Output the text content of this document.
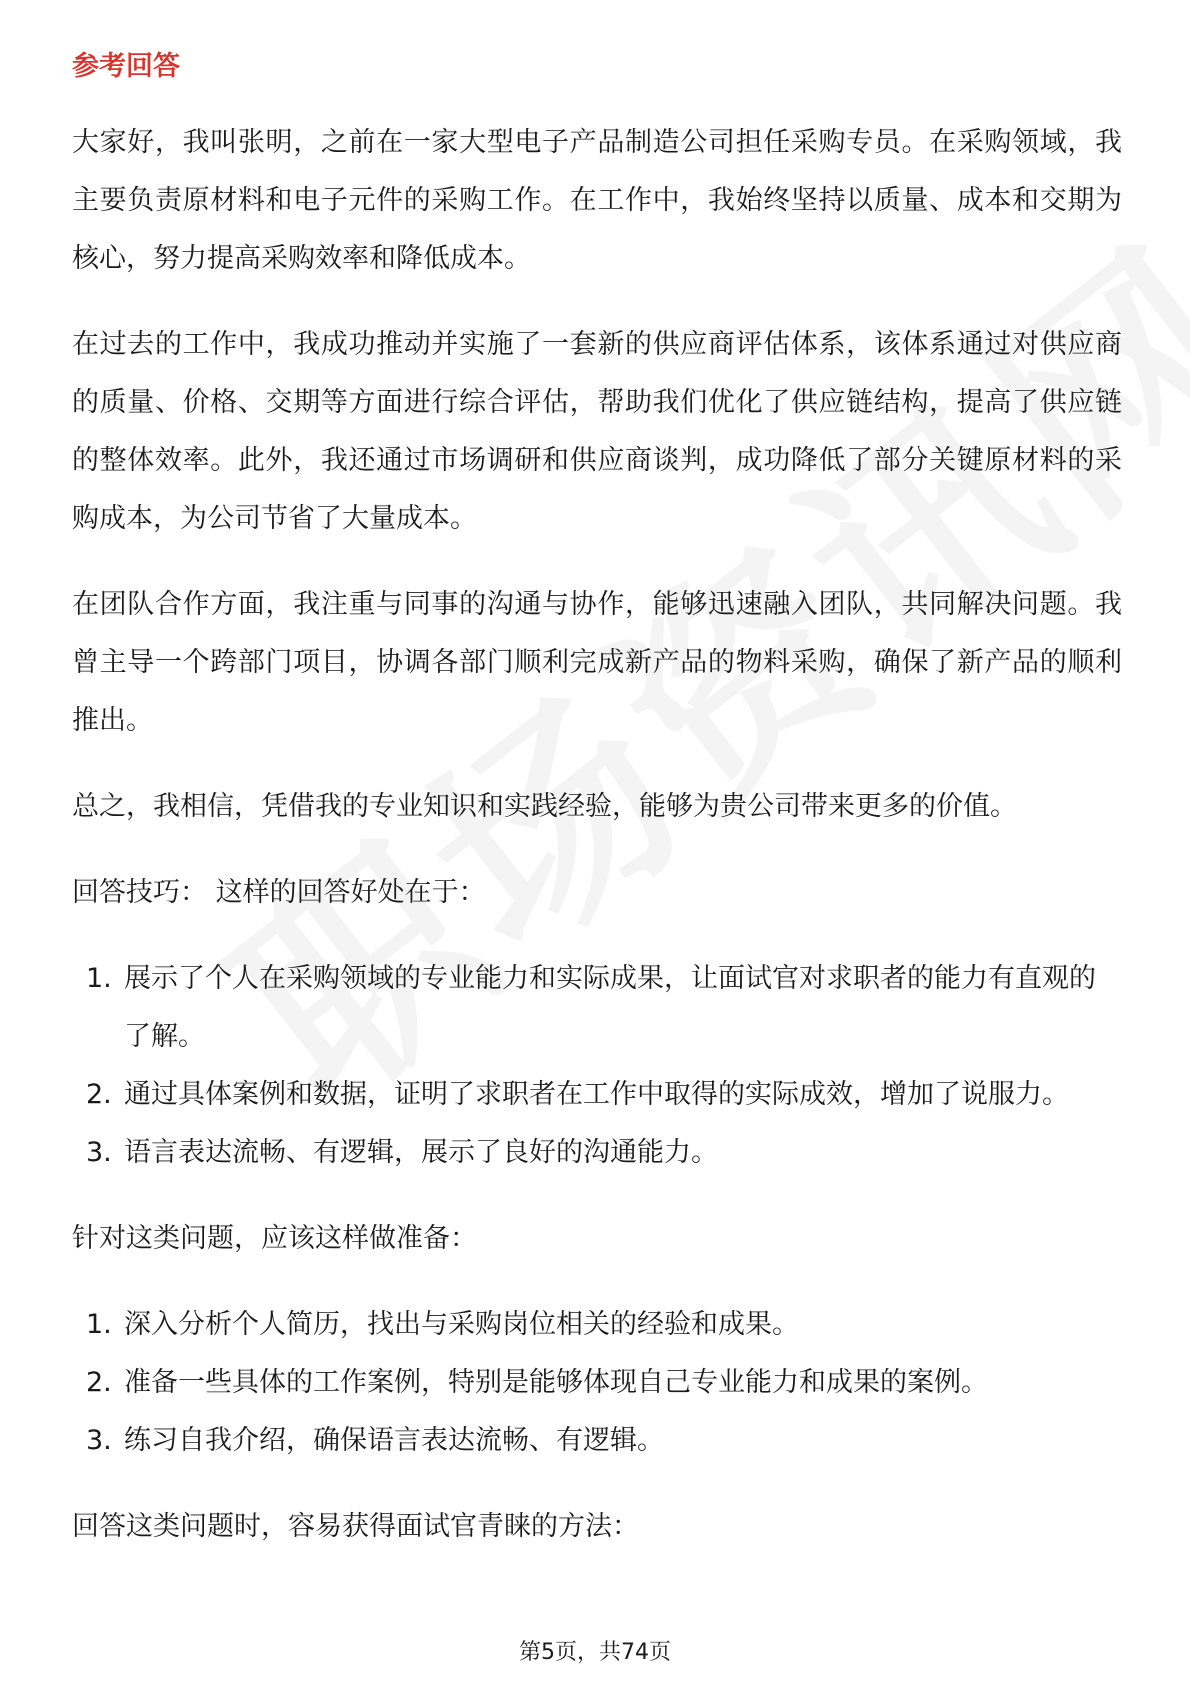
参考回答

大家好，我叫张明，之前在一家大型电子产品制造公司担任采购专员。在采购领域，我主要负责原材料和电子元件的采购工作。在工作中，我始终坚持以质量、成本和交期为核心，努力提高采购效率和降低成本。

在过去的工作中，我成功推动并实施了一套新的供应商评估体系，该体系通过对供应商的质量、价格、交期等方面进行综合评估，帮助我们优化了供应链结构，提高了供应链的整体效率。此外，我还通过市场调研和供应商谈判，成功降低了部分关键原材料的采购成本，为公司节省了大量成本。

在团队合作方面，我注重与同事的沟通与协作，能够迅速融入团队，共同解决问题。我曾主导一个跨部门项目，协调各部门顺利完成新产品的物料采购，确保了新产品的顺利推出。

总之，我相信，凭借我的专业知识和实践经验，能够为贵公司带来更多的价值。

回答技巧： 这样的回答好处在于：
1. 展示了个人在采购领域的专业能力和实际成果，让面试官对求职者的能力有直观的了解。
2. 通过具体案例和数据，证明了求职者在工作中取得的实际成效，增加了说服力。
3. 语言表达流畅、有逻辑，展示了良好的沟通能力。
针对这类问题，应该这样做准备：
1. 深入分析个人简历，找出与采购岗位相关的经验和成果。
2. 准备一些具体的工作案例，特别是能够体现自己专业能力和成果的案例。
3. 练习自我介绍，确保语言表达流畅、有逻辑。
回答这类问题时，容易获得面试官青睐的方法：
第5页，共74页
